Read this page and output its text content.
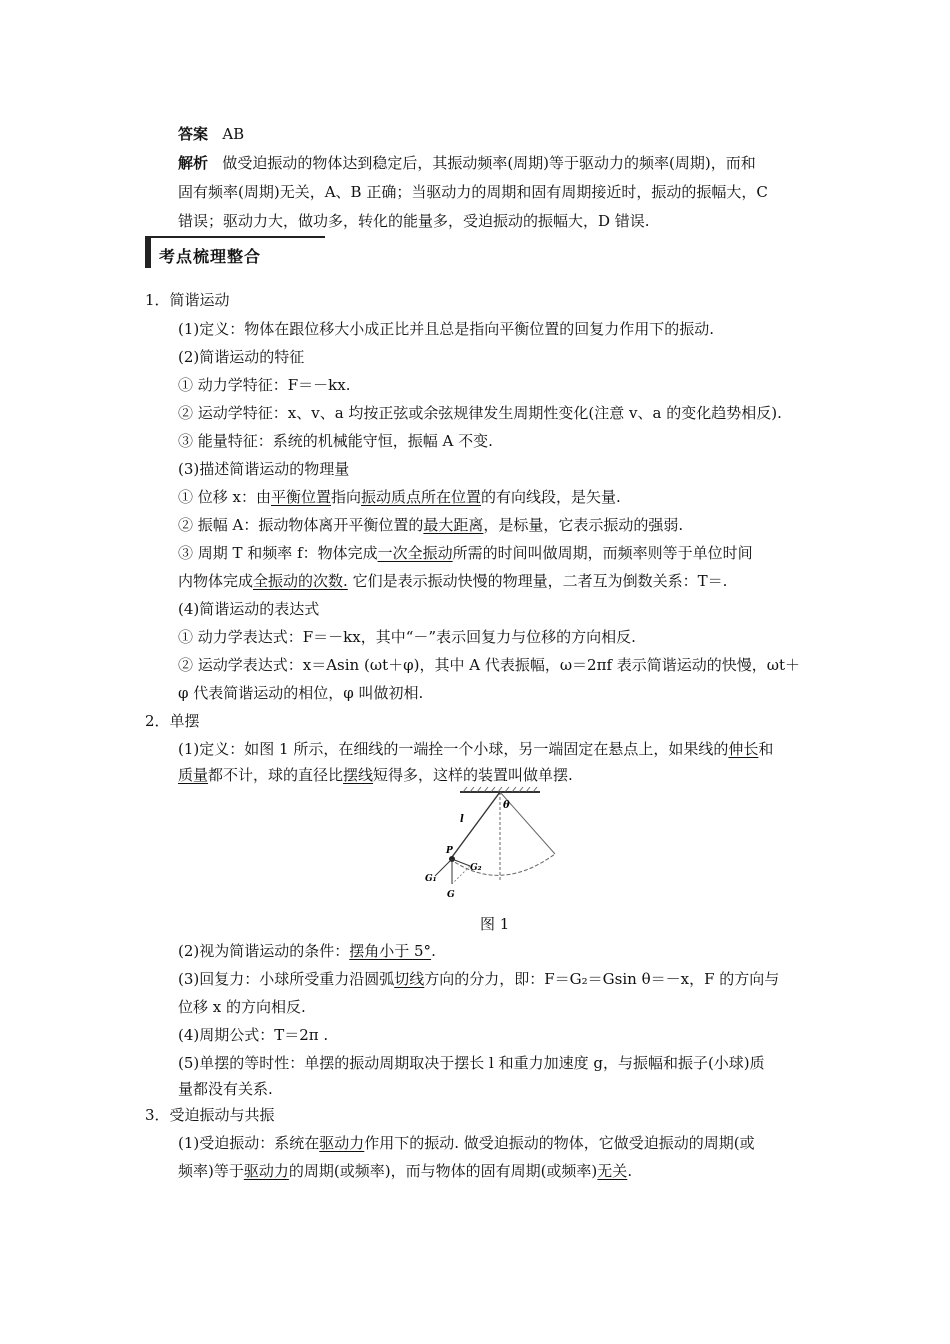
答案 AB
解析 做受迫振动的物体达到稳定后，其振动频率(周期)等于驱动力的频率(周期)，而和
固有频率(周期)无关，A、B 正确；当驱动力的周期和固有周期接近时，振动的振幅大，C
错误；驱动力大，做功多，转化的能量多，受迫振动的振幅大，D 错误.
考点梳理整合
1．简谐运动
(1)定义：物体在跟位移大小成正比并且总是指向平衡位置的回复力作用下的振动.
(2)简谐运动的特征
① 动力学特征：F＝－kx.
② 运动学特征：x、v、a 均按正弦或余弦规律发生周期性变化(注意 v、a 的变化趋势相反).
③ 能量特征：系统的机械能守恒，振幅 A 不变.
(3)描述简谐运动的物理量
① 位移 x：由平衡位置指向振动质点所在位置的有向线段，是矢量.
② 振幅 A：振动物体离开平衡位置的最大距离，是标量，它表示振动的强弱.
③ 周期 T 和频率 f：物体完成一次全振动所需的时间叫做周期，而频率则等于单位时间
内物体完成全振动的次数. 它们是表示振动快慢的物理量，二者互为倒数关系：T＝.
(4)简谐运动的表达式
① 动力学表达式：F＝－kx，其中“－”表示回复力与位移的方向相反.
② 运动学表达式：x＝Asin (ωt＋φ)，其中 A 代表振幅，ω＝2πf 表示简谐运动的快慢，ωt＋
φ 代表简谐运动的相位，φ 叫做初相.
2．单摆
(1)定义：如图 1 所示，在细线的一端拴一个小球，另一端固定在悬点上，如果线的伸长和
质量都不计，球的直径比摆线短得多，这样的装置叫做单摆.
θ
l
P
G₂
G₁
G
图 1
(2)视为简谐运动的条件：摆角小于 5°.
(3)回复力：小球所受重力沿圆弧切线方向的分力，即：F＝G₂＝Gsin θ＝－x，F 的方向与
位移 x 的方向相反.
(4)周期公式：T＝2π .
(5)单摆的等时性：单摆的振动周期取决于摆长 l 和重力加速度 g，与振幅和振子(小球)质
量都没有关系.
3．受迫振动与共振
(1)受迫振动：系统在驱动力作用下的振动. 做受迫振动的物体，它做受迫振动的周期(或
频率)等于驱动力的周期(或频率)，而与物体的固有周期(或频率)无关.
